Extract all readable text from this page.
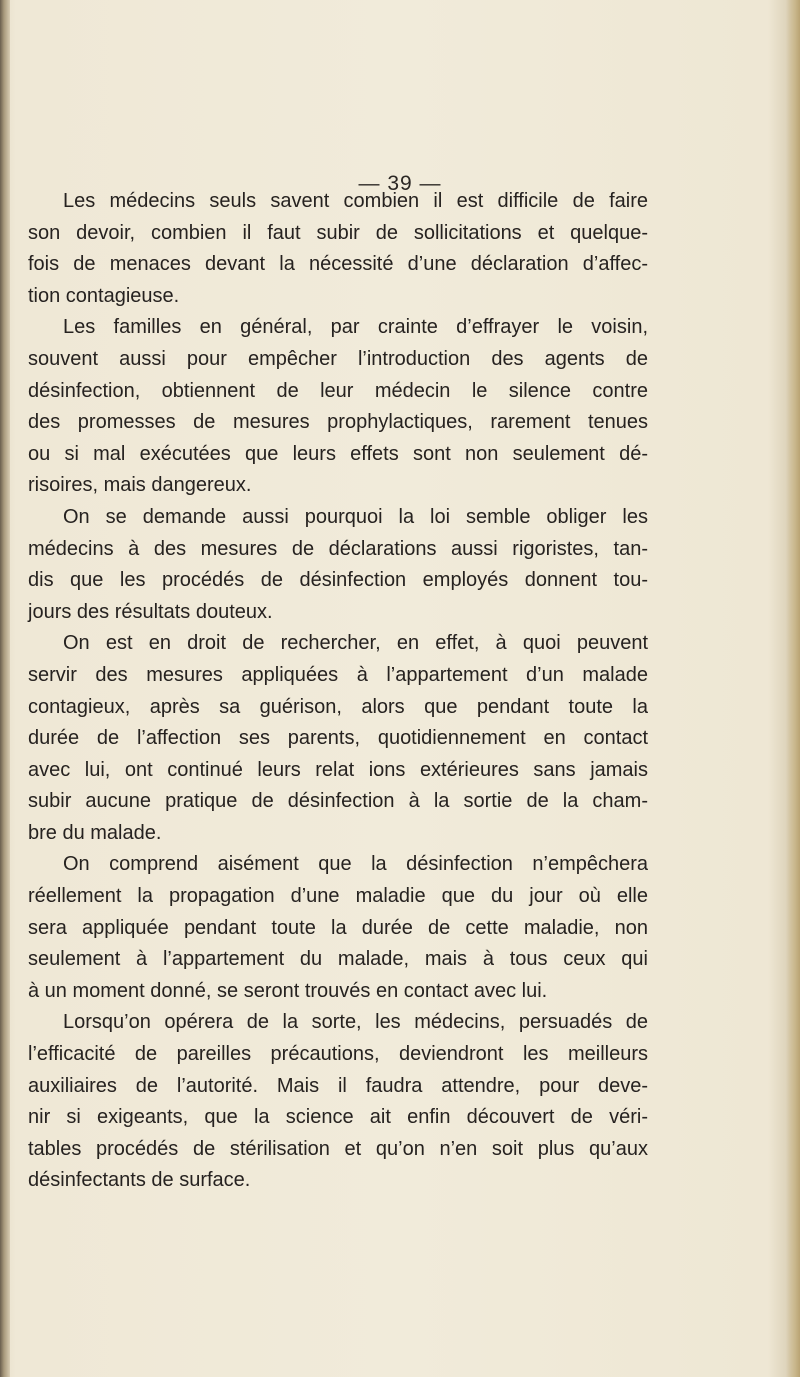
— 39 —
Les médecins seuls savent combien il est difficile de faire
son devoir, combien il faut subir de sollicitations et quelque-
fois de menaces devant la nécessité d’une déclaration d’affec-
tion contagieuse.
Les familles en général, par crainte d’effrayer le voisin,
souvent aussi pour empêcher l’introduction des agents de
désinfection, obtiennent de leur médecin le silence contre
des promesses de mesures prophylactiques, rarement tenues
ou si mal exécutées que leurs effets sont non seulement dé-
risoires, mais dangereux.
On se demande aussi pourquoi la loi semble obliger les
médecins à des mesures de déclarations aussi rigoristes, tan-
dis que les procédés de désinfection employés donnent tou-
jours des résultats douteux.
On est en droit de rechercher, en effet, à quoi peuvent
servir des mesures appliquées à l’appartement d’un malade
contagieux, après sa guérison, alors que pendant toute la
durée de l’affection ses parents, quotidiennement en contact
avec lui, ont continué leurs relat ions extérieures sans jamais
subir aucune pratique de désinfection à la sortie de la cham-
bre du malade.
On comprend aisément que la désinfection n’empêchera
réellement la propagation d’une maladie que du jour où elle
sera appliquée pendant toute la durée de cette maladie, non
seulement à l’appartement du malade, mais à tous ceux qui
à un moment donné, se seront trouvés en contact avec lui.
Lorsqu’on opérera de la sorte, les médecins, persuadés de
l’efficacité de pareilles précautions, deviendront les meilleurs
auxiliaires de l’autorité. Mais il faudra attendre, pour deve-
nir si exigeants, que la science ait enfin découvert de véri-
tables procédés de stérilisation et qu’on n’en soit plus qu’aux
désinfectants de surface.
